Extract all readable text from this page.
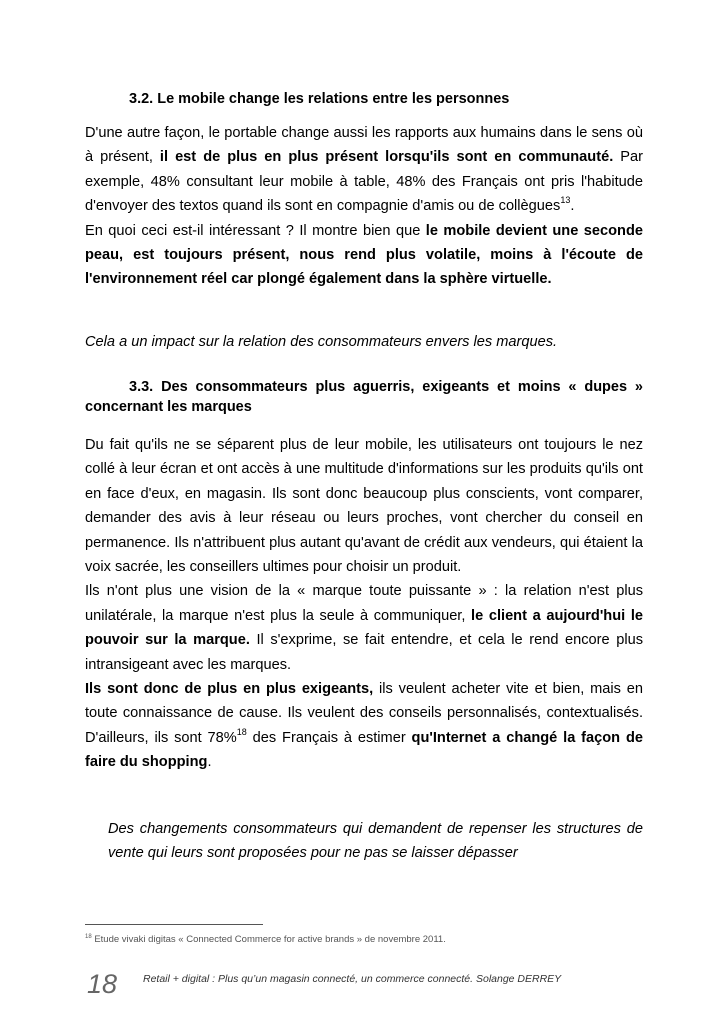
3.2. Le mobile change les relations entre les personnes
D'une autre façon, le portable change aussi les rapports aux humains dans le sens où à présent, il est de plus en plus présent lorsqu'ils sont en communauté. Par exemple, 48% consultant leur mobile à table, 48% des Français ont pris l'habitude d'envoyer des textos quand ils sont en compagnie d'amis ou de collègues$^{13}$.
En quoi ceci est-il intéressant ? Il montre bien que le mobile devient une seconde peau, est toujours présent, nous rend plus volatile, moins à l'écoute de l'environnement réel car plongé également dans la sphère virtuelle.
Cela a un impact sur la relation des consommateurs envers les marques.
3.3. Des consommateurs plus aguerris, exigeants et moins « dupes » concernant les marques
Du fait qu'ils ne se séparent plus de leur mobile, les utilisateurs ont toujours le nez collé à leur écran et ont accès à une multitude d'informations sur les produits qu'ils ont en face d'eux, en magasin. Ils sont donc beaucoup plus conscients, vont comparer, demander des avis à leur réseau ou leurs proches, vont chercher du conseil en permanence. Ils n'attribuent plus autant qu'avant de crédit aux vendeurs, qui étaient la voix sacrée, les conseillers ultimes pour choisir un produit.
Ils n'ont plus une vision de la « marque toute puissante » : la relation n'est plus unilatérale, la marque n'est plus la seule à communiquer, le client a aujourd'hui le pouvoir sur la marque. Il s'exprime, se fait entendre, et cela le rend encore plus intransigeant avec les marques.
Ils sont donc de plus en plus exigeants, ils veulent acheter vite et bien, mais en toute connaissance de cause. Ils veulent des conseils personnalisés, contextualisés. D'ailleurs, ils sont 78%$^{18}$ des Français à estimer qu'Internet a changé la façon de faire du shopping.
Des changements consommateurs qui demandent de repenser les structures de vente qui leurs sont proposées pour ne pas se laisser dépasser
$^{18}$ Etude vivaki digitas « Connected Commerce for active brands » de novembre 2011.
18 Retail + digital : Plus qu’un magasin connecté, un commerce connecté. Solange DERREY
